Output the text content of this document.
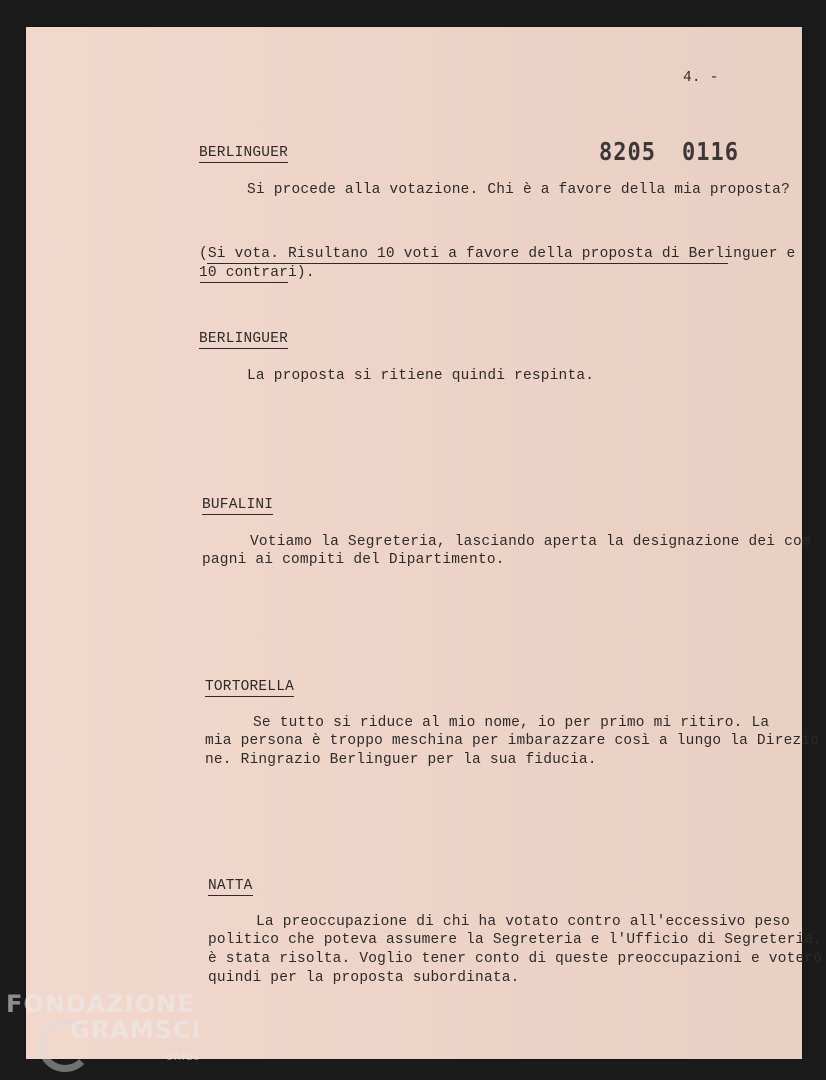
4. -
8205 0116
BERLINGUER
Si procede alla votazione. Chi è a favore della mia proposta?
(Si vota. Risultano 10 voti a favore della proposta di Berlinguer e
10 contrari).
BERLINGUER
La proposta si ritiene quindi respinta.
BUFALINI
Votiamo la Segreteria, lasciando aperta la designazione dei com
pagni ai compiti del Dipartimento.
TORTORELLA
Se tutto si riduce al mio nome, io per primo mi ritiro. La
mia persona è troppo meschina per imbarazzare così a lungo la Direzio
ne. Ringrazio Berlinguer per la sua fiducia.
NATTA
La preoccupazione di chi ha votato contro all'eccessivo peso
politico che poteva assumere la Segreteria e l'Ufficio di Segreteria,
è stata risolta. Voglio tener conto di queste preoccupazioni e voterò
quindi per la proposta subordinata.
FONDAZIONE
GRAMSCI
onlus
